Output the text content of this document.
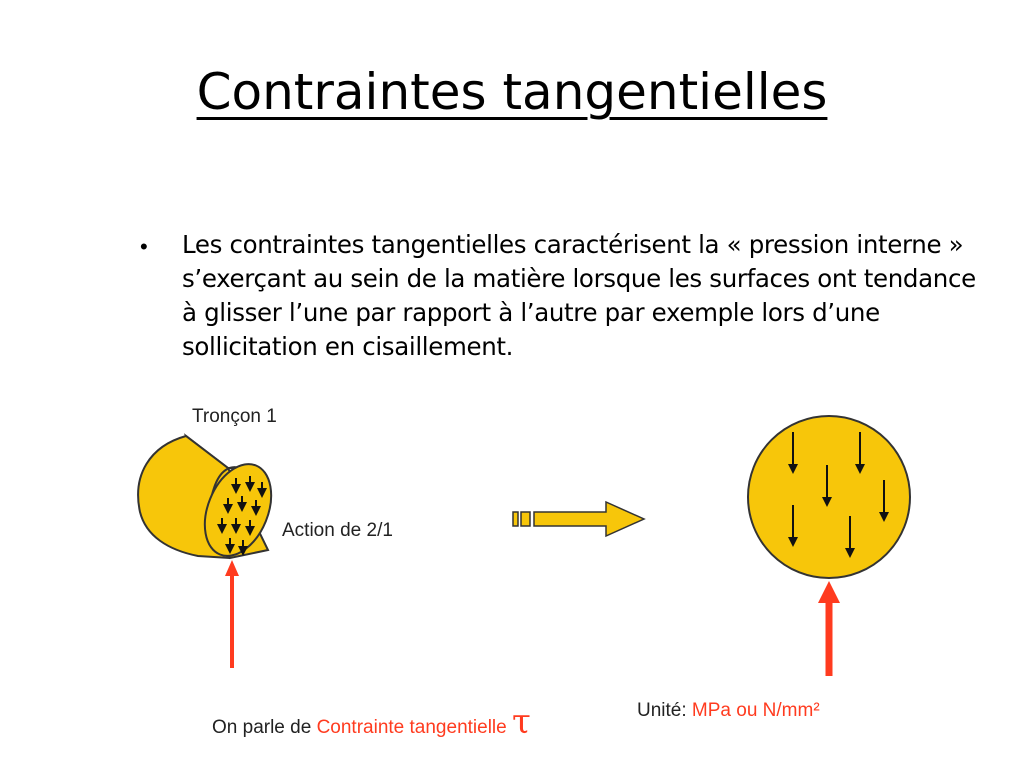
Contraintes tangentielles
• Les contraintes tangentielles caractérisent la « pression interne » s’exerçant au sein de la matière lorsque les surfaces ont tendance à glisser l’une par rapport à l’autre par exemple lors d’une sollicitation en cisaillement.
Tronçon 1
Action de 2/1
On parle de Contrainte tangentielle τ	Unité: MPa ou N/mm²
